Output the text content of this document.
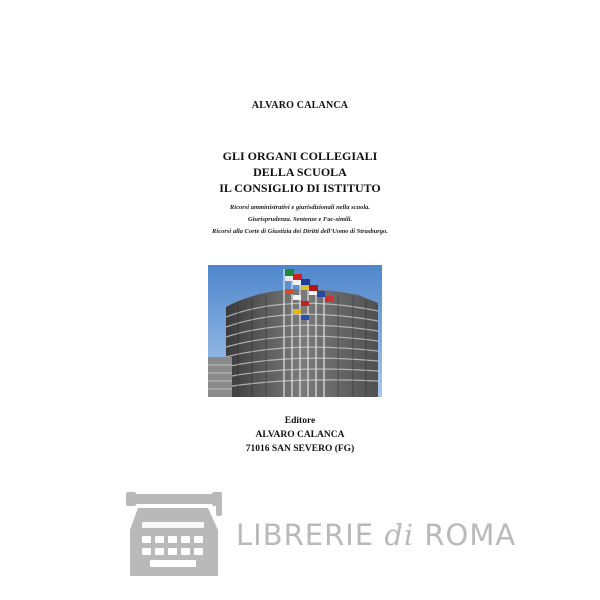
ALVARO CALANCA
GLI ORGANI COLLEGIALI
DELLA SCUOLA
IL CONSIGLIO DI ISTITUTO
Ricorsi amministrativi e giurisdizionali nella scuola.
Giurisprudenza. Sentenze e Fac-simili.
Ricorsi alla Corte di Giustizia dei Diritti dell'Uomo di Strasburgo.
Editore
ALVARO CALANCA
71016 SAN SEVERO (FG)
LIBRERIE di ROMA
